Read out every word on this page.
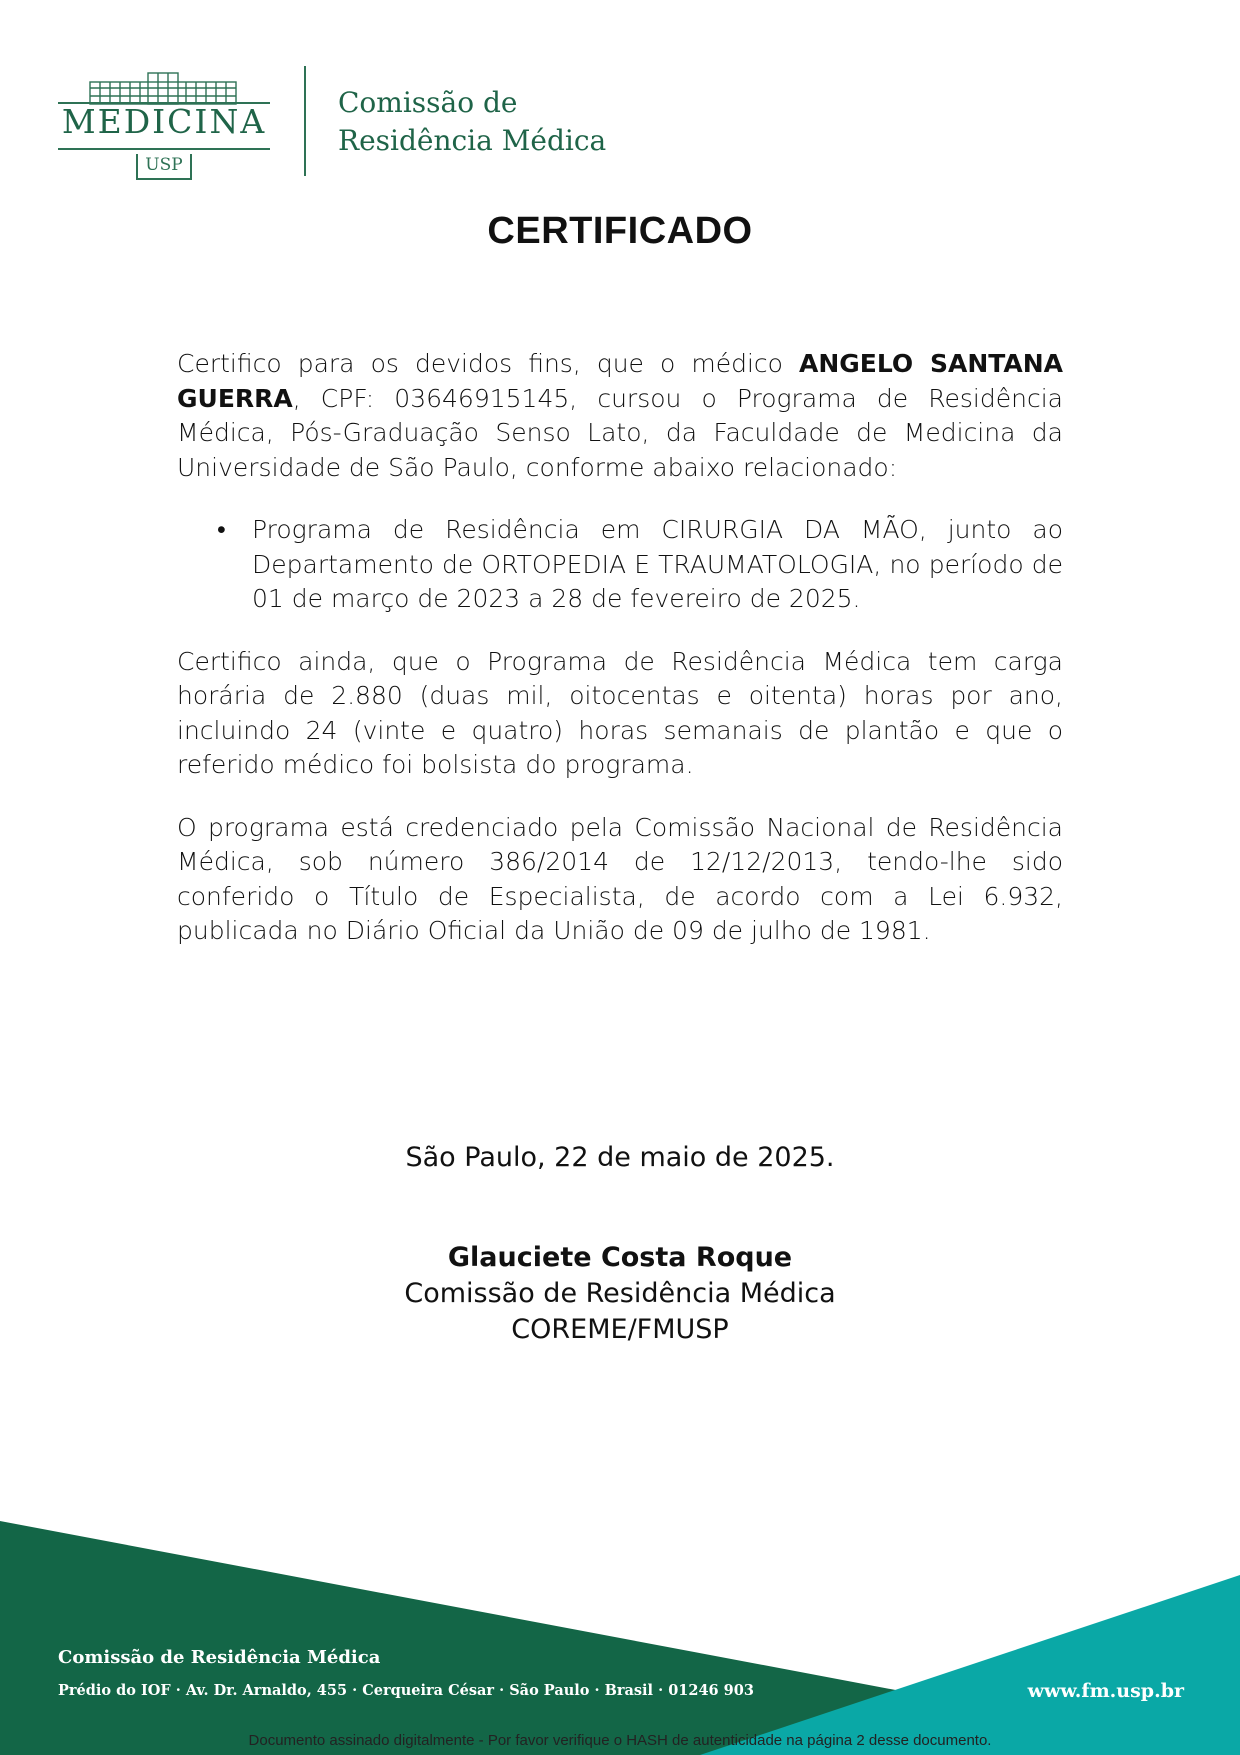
MEDICINA
USP
Comissão de
Residência Médica
CERTIFICADO

Certifico para os devidos fins, que o médico ANGELO SANTANA GUERRA, CPF: 03646915145, cursou o Programa de Residência Médica, Pós-Graduação Senso Lato, da Faculdade de Medicina da Universidade de São Paulo, conforme abaixo relacionado:

• Programa de Residência em CIRURGIA DA MÃO, junto ao Departamento de ORTOPEDIA E TRAUMATOLOGIA, no período de 01 de março de 2023 a 28 de fevereiro de 2025.

Certifico ainda, que o Programa de Residência Médica tem carga horária de 2.880 (duas mil, oitocentas e oitenta) horas por ano, incluindo 24 (vinte e quatro) horas semanais de plantão e que o referido médico foi bolsista do programa.

O programa está credenciado pela Comissão Nacional de Residência Médica, sob número 386/2014 de 12/12/2013, tendo-lhe sido conferido o Título de Especialista, de acordo com a Lei 6.932, publicada no Diário Oficial da União de 09 de julho de 1981.

São Paulo, 22 de maio de 2025.
Glauciete Costa Roque
Comissão de Residência Médica
COREME/FMUSP
Comissão de Residência Médica
Prédio do IOF · Av. Dr. Arnaldo, 455 · Cerqueira César · São Paulo · Brasil · 01246 903	www.fm.usp.br
Documento assinado digitalmente - Por favor verifique o HASH de autenticidade na página 2 desse documento.
